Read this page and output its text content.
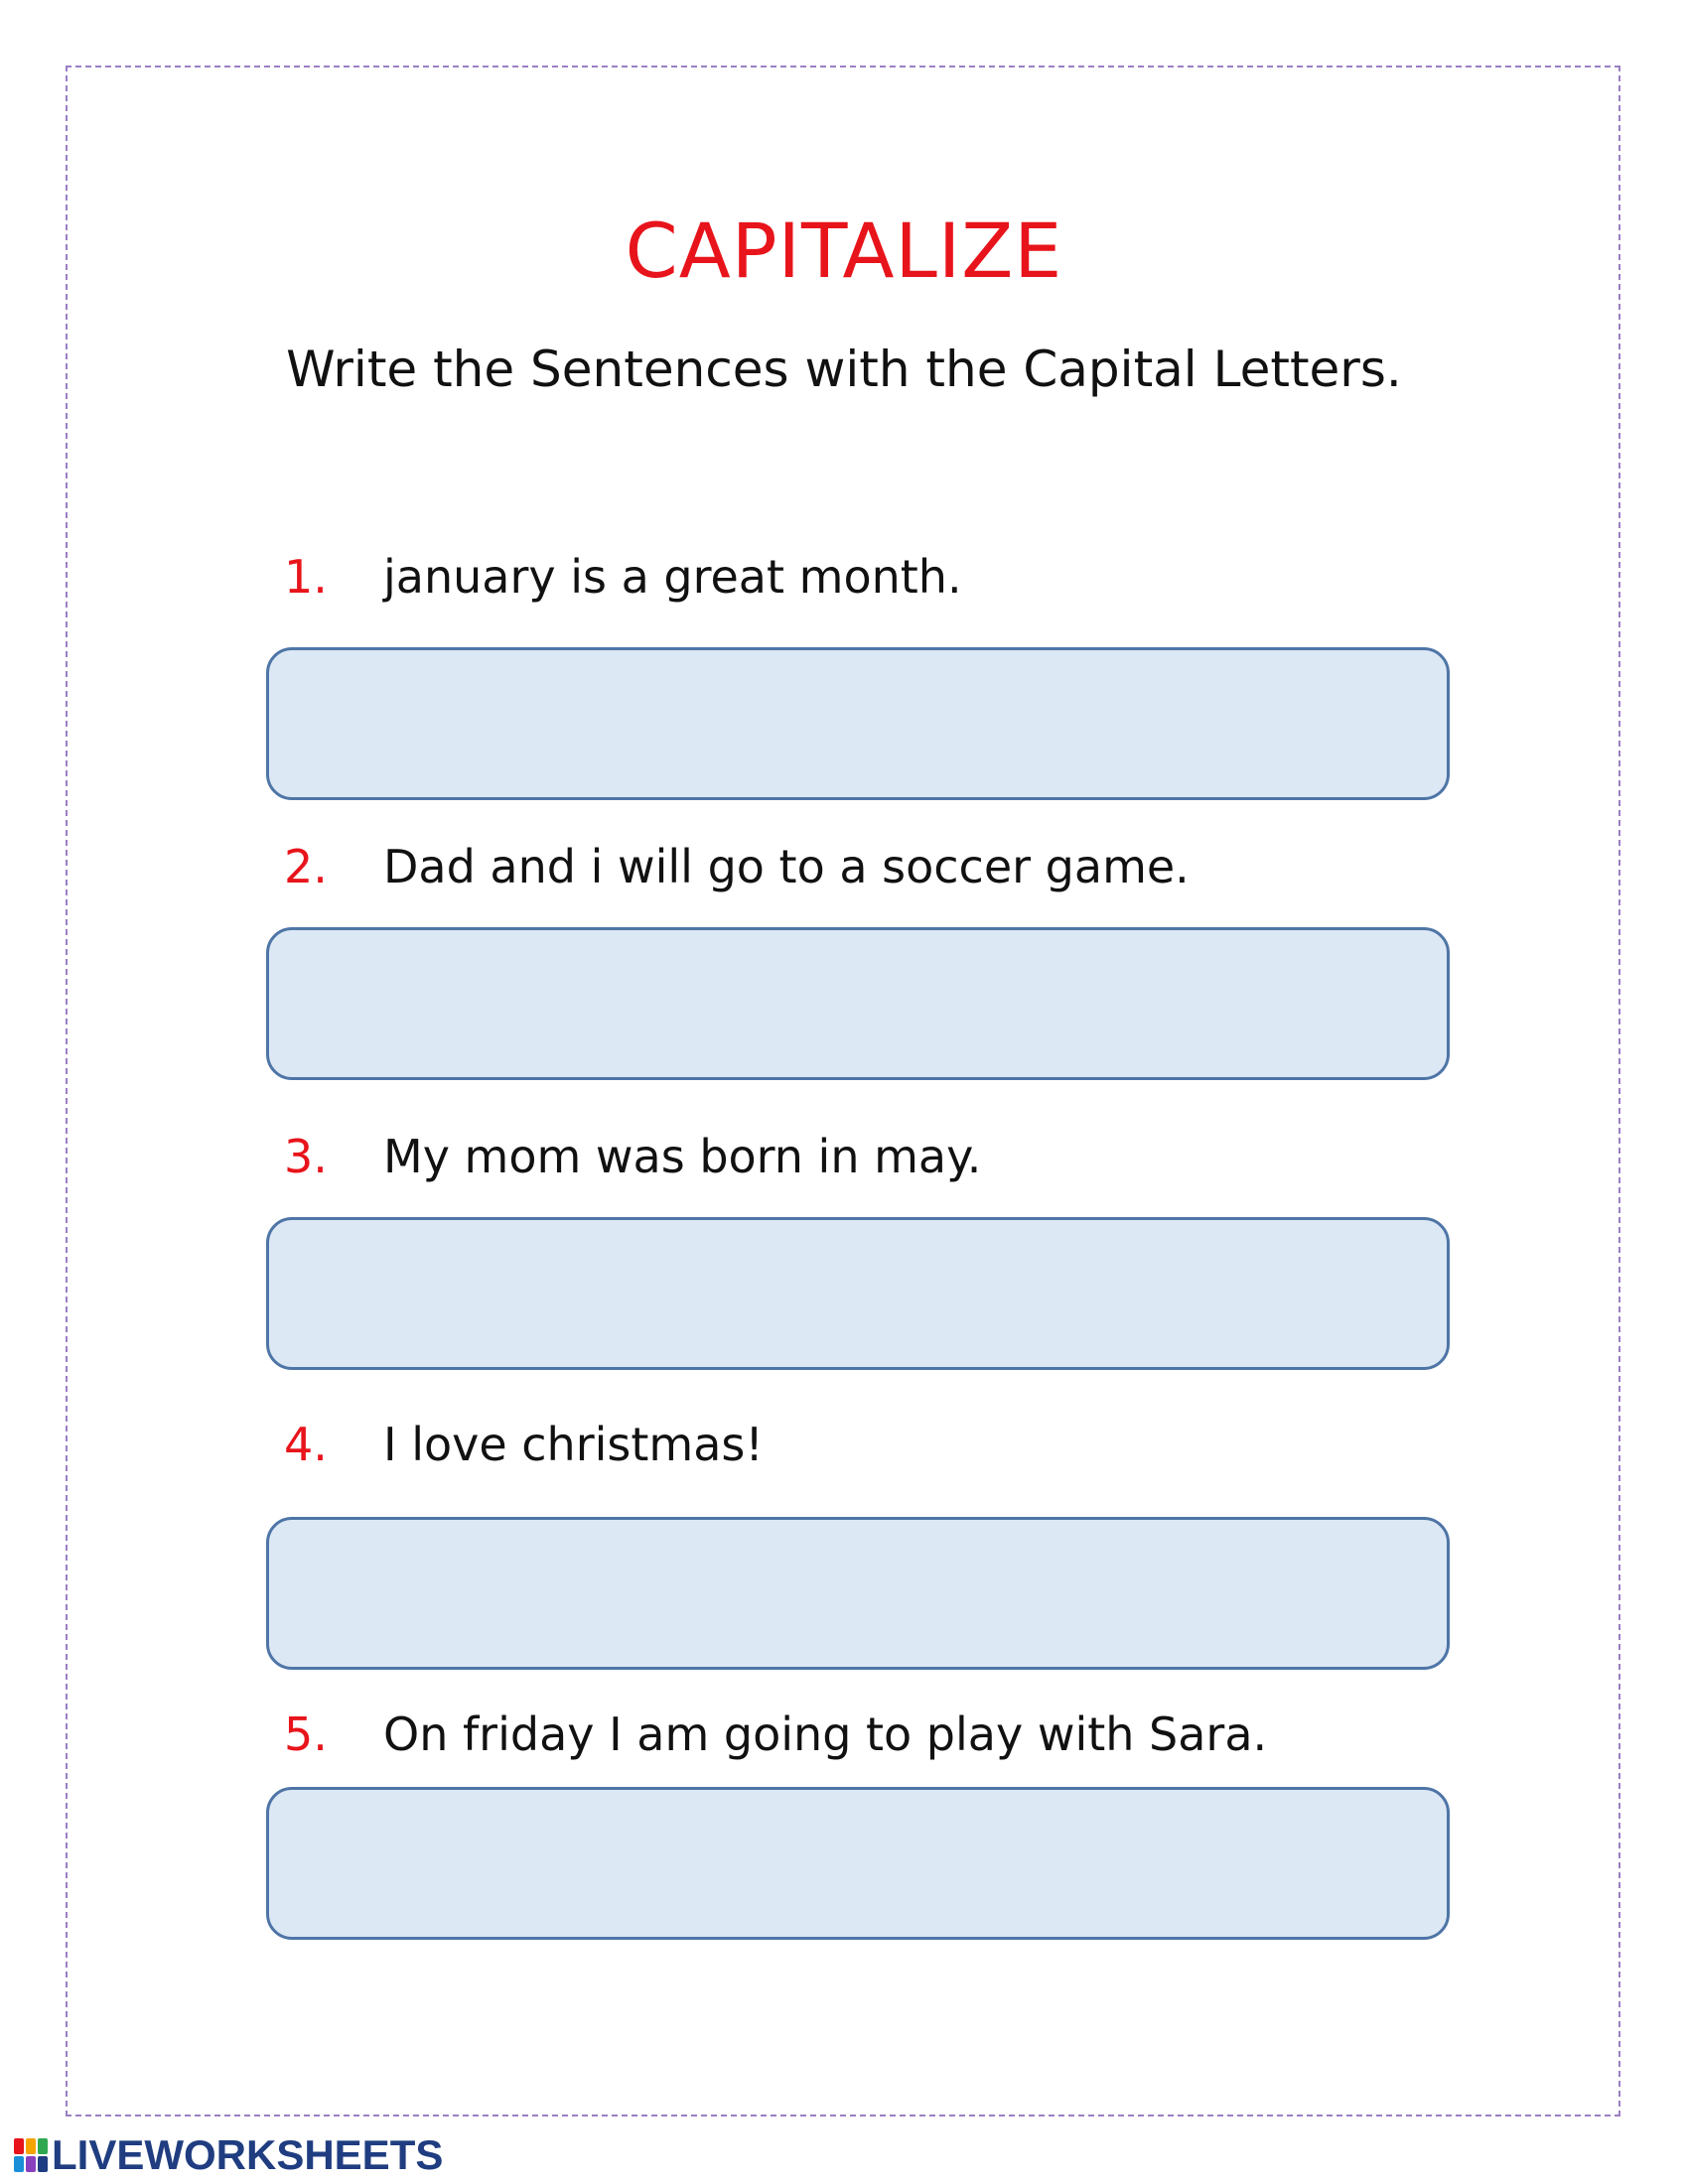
CAPITALIZE
Write the Sentences with the Capital Letters.
1. january is a great month.
2. Dad and i will go to a soccer game.
3. My mom was born in may.
4. I love christmas!
5. On friday I am going to play with Sara.
LIVEWORKSHEETS
